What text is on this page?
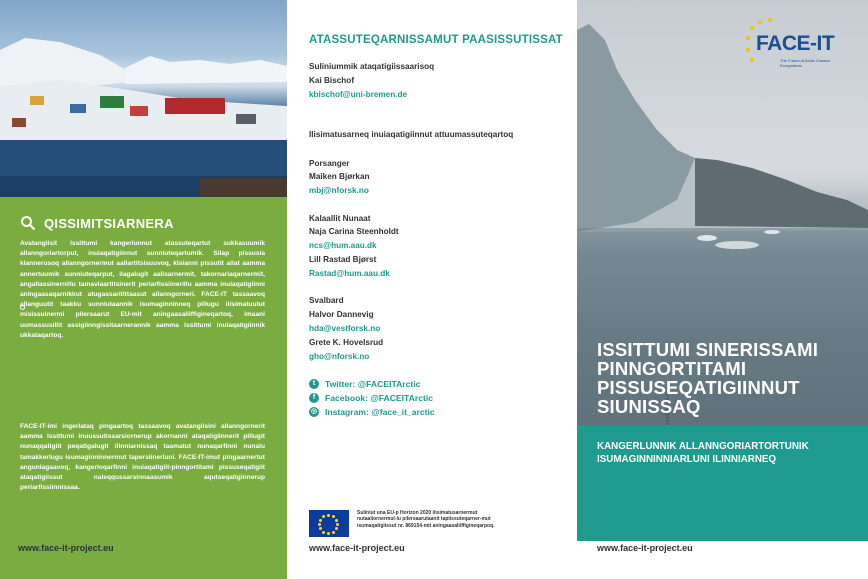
QISSIMITSIARNERA

Avatangiisit Issittumi kangerlunnut atassuteqartut sukkasuumik allanngoriartorput, inuiaqatigiinnut sunniuteqartumik. Silap pissusia kiannerusoq allanngornermut aallartitsisuuvoq, kisianni pissutit allat aamma annertuumik sunniuteqarput, ilagalugit aalisarnermit, takornariaqarnermit, angallassinernillu tamaviaartitsinerit periarfissiinerillu aamma inuiaqatigiinni aningaasaqarnikkut atugassaritittaasut allanngorneri. FACE-IT tassaavoq allanguutit taakku sunniutaannik isumaginninneq pillugu ilisimatuutut misissuinermi pilersaarut EU-mit aningaasaliiffigineqartoq, imaani uumassusillit assigiinngissitaarnerannik aamma Issittumi inuiaqatigiinnik ukkataqartoq.

FACE-IT-imi ingerlataq pingaartoq tassaavoq avatangiisini allanngornerit aamma Issittumi inuussutissarsiornerup akornanni ataqatigiinnerit pillugit nunaqqatigiit peqatigalugit ilinniarnissaq taamatut nunaqarfinni nunalu tamakkerlugu isumaginninnermut tapersiinerluni. FACE-IT-imut pingaarnertut anguniagaavoq, kangerloqarfinni inuiaqatigiit-pinngortitami pissuseqatigiit ataqatigiissut naleqqussarsinnaasumik aqutseqatiginnerup periarfissiinnissaa.

ATASSUTEQARNISSAMUT PAASISSUTISSAT
Suliniummik ataqatigiissaarisoq
Kai Bischof
kbischof@uni-bremen.de
Ilisimatusarneq inuiaqatigiinnut attuumassuteqartoq
Porsanger
Maiken Bjørkan
mbj@nforsk.no
Kalaallit Nunaat
Naja Carina Steenholdt
ncs@hum.aau.dk
Lill Rastad Bjørst
Rastad@hum.aau.dk
Svalbard
Halvor Dannevig
hda@vestforsk.no
Grete K. Hovelsrud
gho@nforsk.no
t	Twitter: @FACEITArctic
f	Facebook: @FACEITArctic
◎ Instagram: @face_it_arctic
Suliniut una EU-p Horizon 2020 ilisimatusarnermut nutaaliornermul-lu pilersaarutaanit tapiissuteqarner-mut isumaqatigiissut nr. 869154-mit aningaasaliiffigineqarpoq.
www.face-it-project.eu
www.face-it-project.eu
FACE-IT
The Future of Arctic Coastal Ecosystems
ISSITTUMI SINERISSAMI PINNGORTITAMI PISSUSEQATIGIINNUT SIUNISSAQ
KANGERLUNNIK ALLANNGORIARTORTUNIK ISUMAGINNINNIARLUNI ILINNIARNEQ
www.face-it-project.eu
